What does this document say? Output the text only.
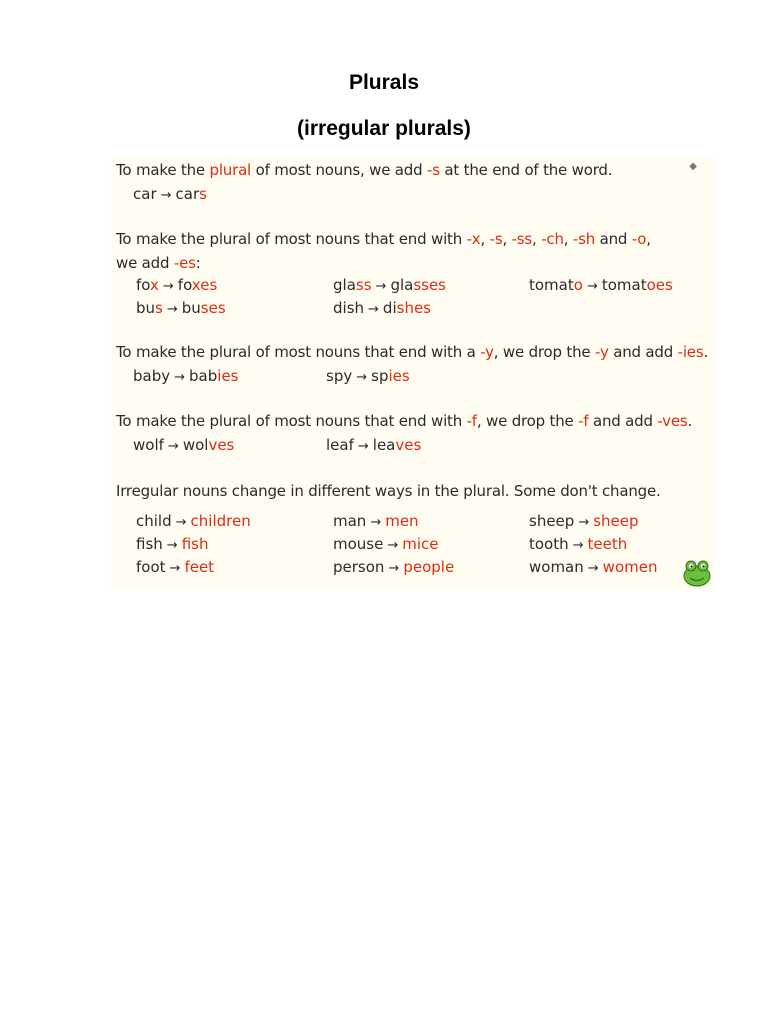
Plurals
(irregular plurals)
◆
To make the plural of most nouns, we add -s at the end of the word.
car → cars
To make the plural of most nouns that end with -x, -s, -ss, -ch, -sh and -o,
we add -es:
fox → foxes	glass → glasses	tomato → tomatoes
bus → buses	dish → dishes
To make the plural of most nouns that end with a -y, we drop the -y and add -ies.
baby → babies	spy → spies
To make the plural of most nouns that end with -f, we drop the -f and add -ves.
wolf → wolves	leaf → leaves
Irregular nouns change in different ways in the plural. Some don't change.
child → children	man → men	sheep → sheep
fish → fish	mouse → mice	tooth → teeth
foot → feet	person → people	woman → women
